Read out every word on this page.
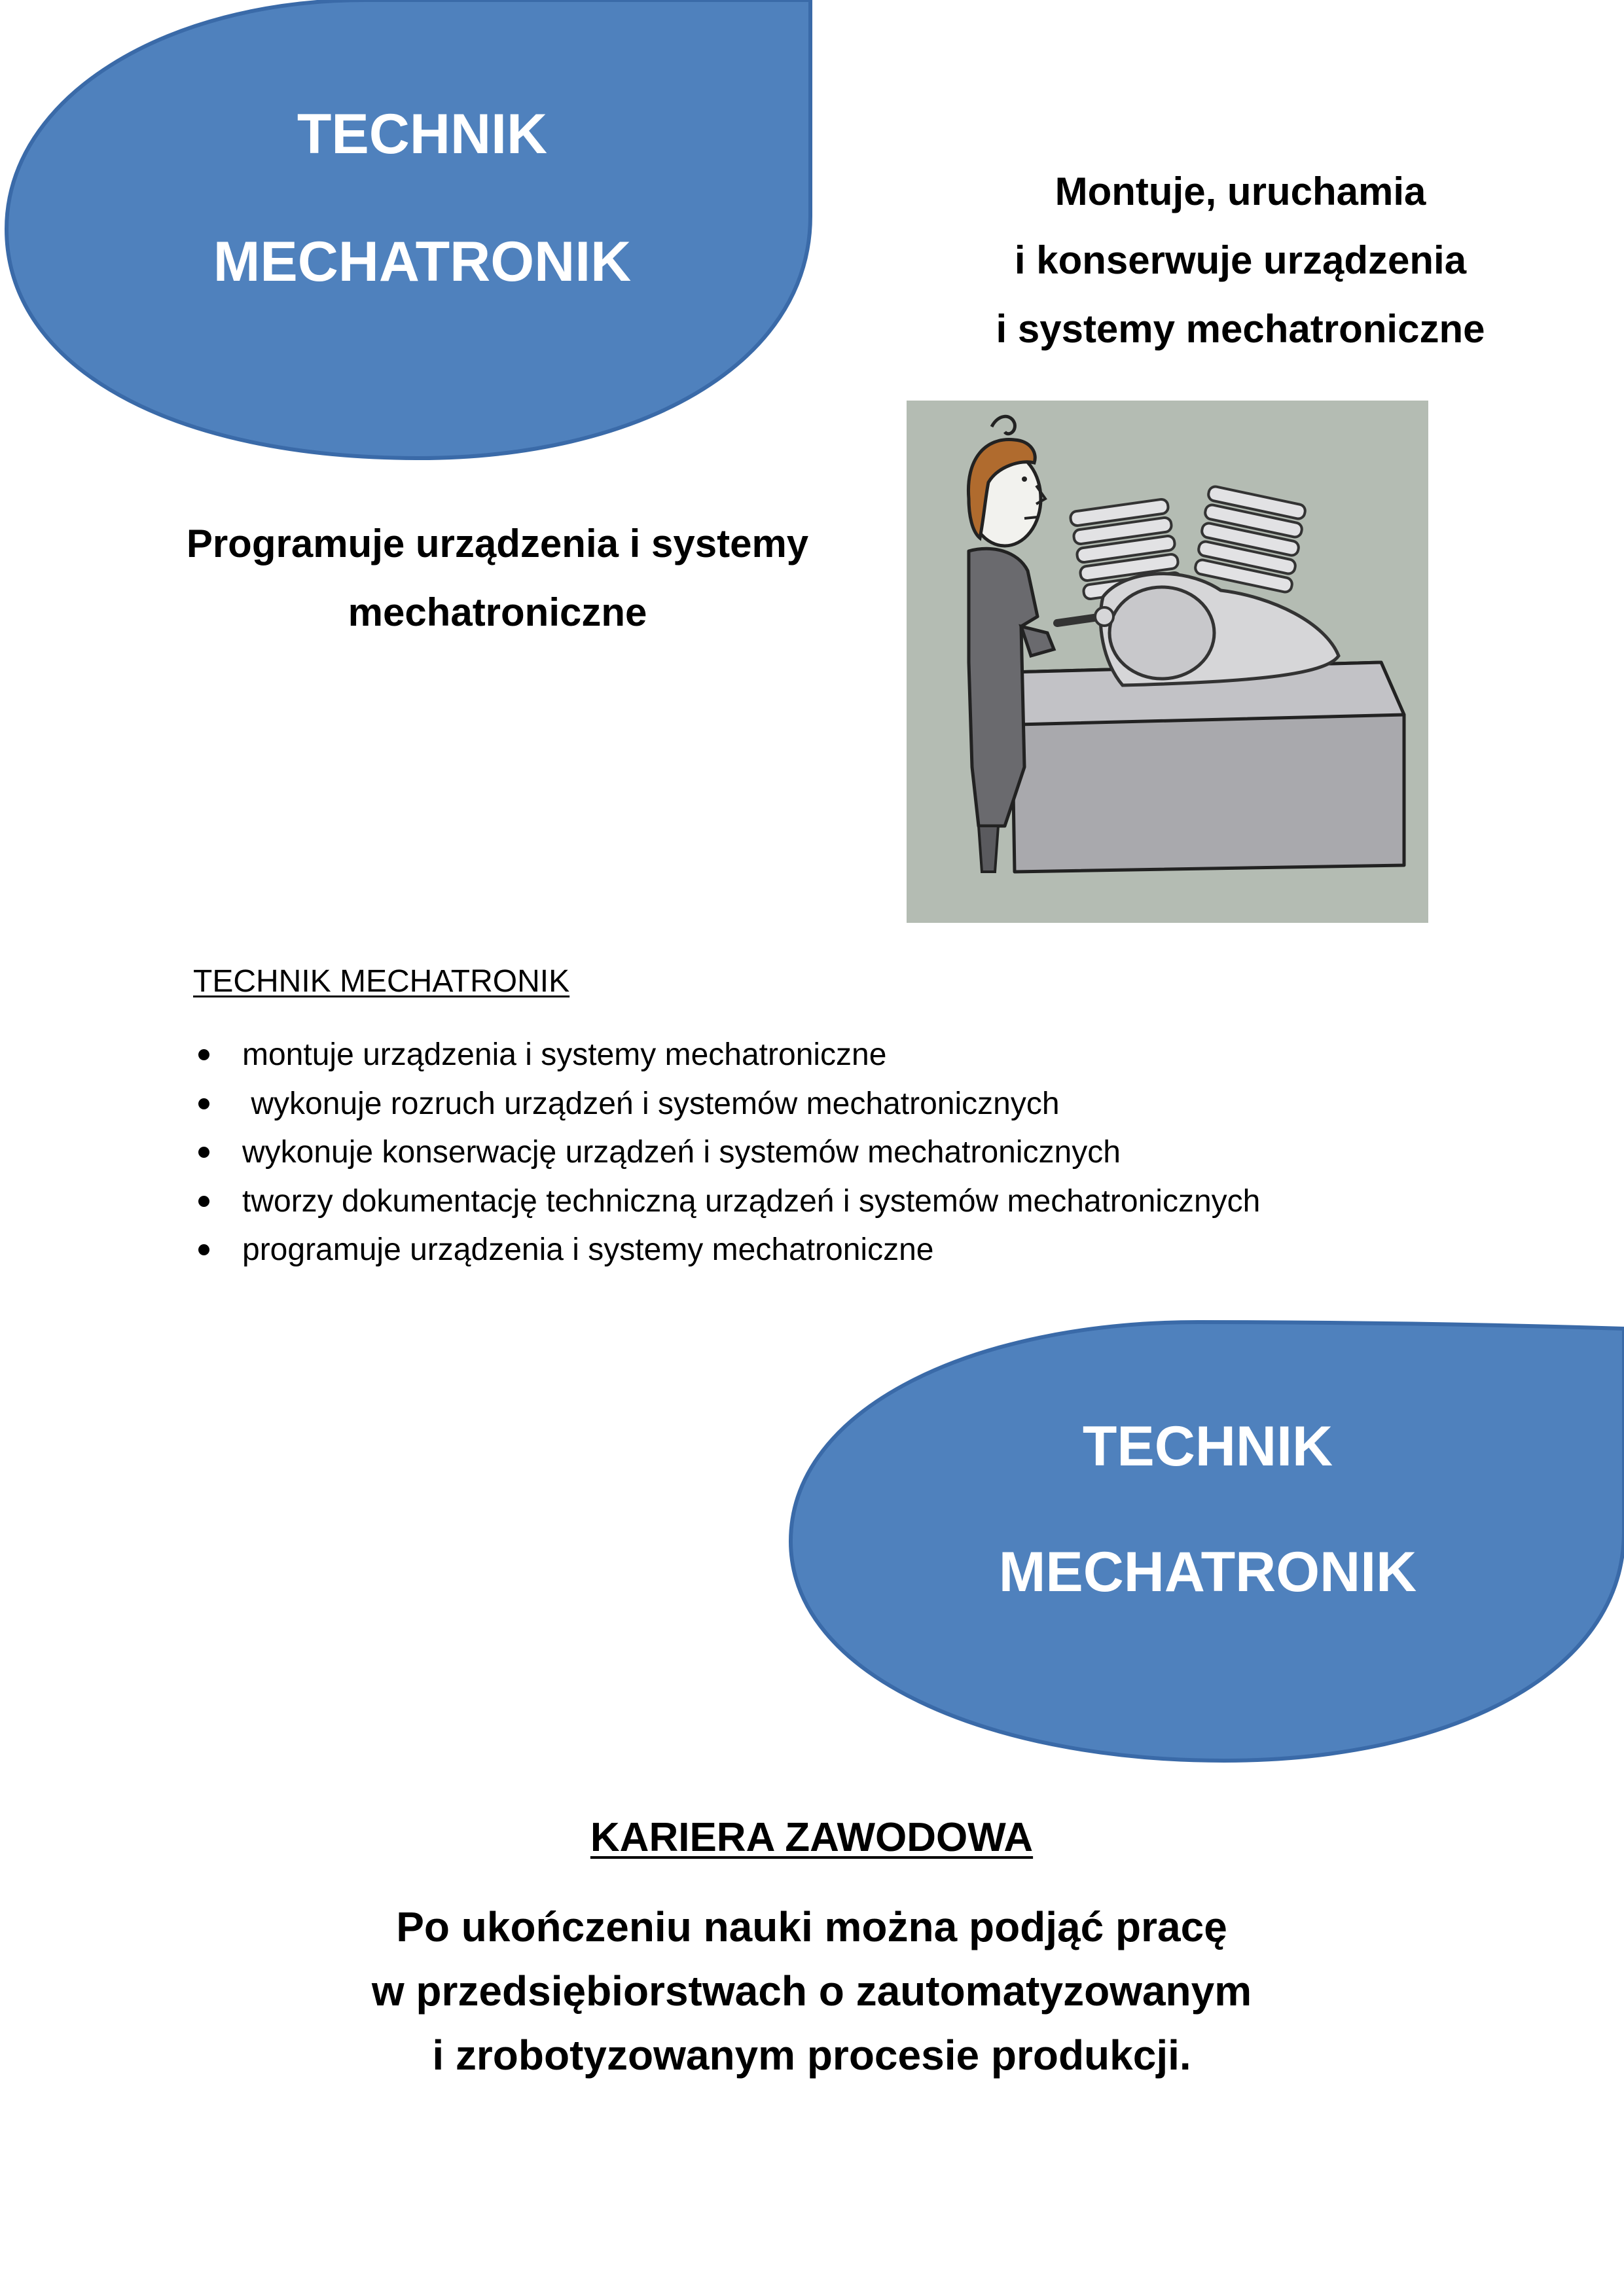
TECHNIK
MECHATRONIK
Montuje, uruchamia
i konserwuje urządzenia
i systemy mechatroniczne
Programuje urządzenia i systemy
mechatroniczne
TECHNIK MECHATRONIK
montuje urządzenia i systemy mechatroniczne
wykonuje rozruch urządzeń i systemów mechatronicznych
wykonuje konserwację urządzeń i systemów mechatronicznych
tworzy dokumentację techniczną urządzeń i systemów mechatronicznych
programuje urządzenia i systemy mechatroniczne
TECHNIK
MECHATRONIK
KARIERA ZAWODOWA
Po ukończeniu nauki można podjąć pracę
w przedsiębiorstwach o zautomatyzowanym
i zrobotyzowanym procesie produkcji.
